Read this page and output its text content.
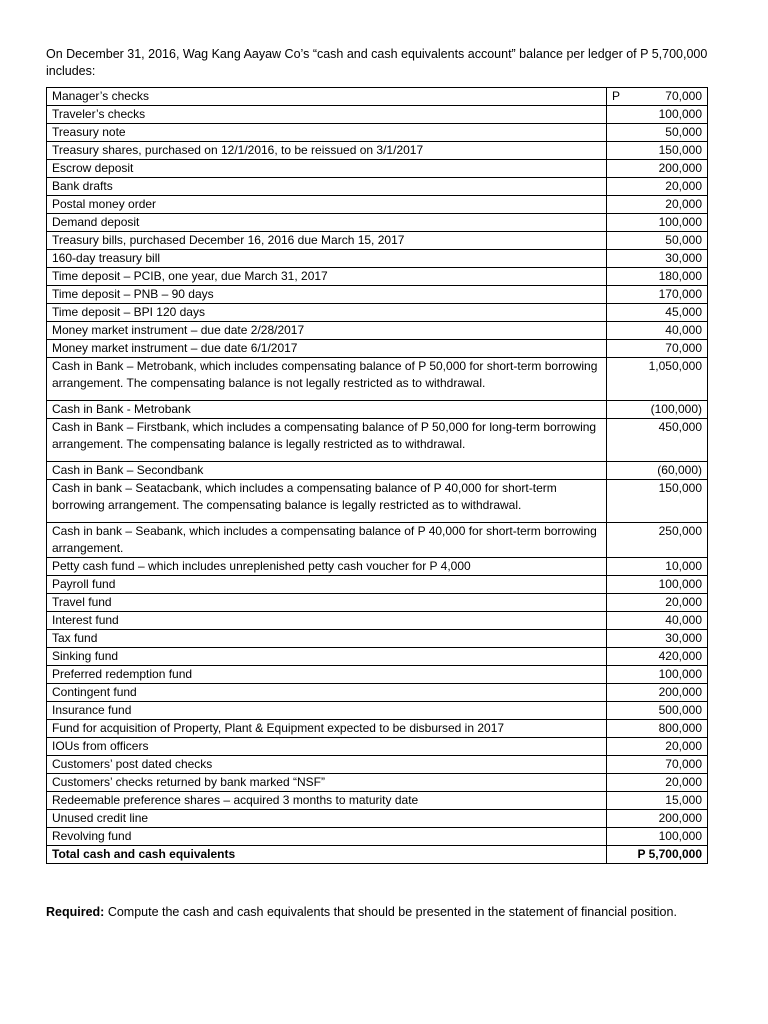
On December 31, 2016, Wag Kang Aayaw Co’s “cash and cash equivalents account” balance per ledger of P 5,700,000 includes:
Manager’s checks	P 70,000
Traveler’s checks	100,000
Treasury note	50,000
Treasury shares, purchased on 12/1/2016, to be reissued on 3/1/2017	150,000
Escrow deposit	200,000
Bank drafts	20,000
Postal money order	20,000
Demand deposit	100,000
Treasury bills, purchased December 16, 2016 due March 15, 2017	50,000
160-day treasury bill	30,000
Time deposit – PCIB, one year, due March 31, 2017	180,000
Time deposit – PNB – 90 days	170,000
Time deposit – BPI 120 days	45,000
Money market instrument – due date 2/28/2017	40,000
Money market instrument – due date 6/1/2017	70,000
Cash in Bank – Metrobank, which includes compensating balance of P 50,000 for short-term borrowing arrangement. The compensating balance is not legally restricted as to withdrawal.	1,050,000
Cash in Bank - Metrobank	(100,000)
Cash in Bank – Firstbank, which includes a compensating balance of P 50,000 for long-term borrowing arrangement. The compensating balance is legally restricted as to withdrawal.	450,000
Cash in Bank – Secondbank	(60,000)
Cash in bank – Seatacbank, which includes a compensating balance of P 40,000 for short-term borrowing arrangement. The compensating balance is legally restricted as to withdrawal.	150,000
Cash in bank – Seabank, which includes a compensating balance of P 40,000 for short-term borrowing arrangement.	250,000
Petty cash fund – which includes unreplenished petty cash voucher for P 4,000	10,000
Payroll fund	100,000
Travel fund	20,000
Interest fund	40,000
Tax fund	30,000
Sinking fund	420,000
Preferred redemption fund	100,000
Contingent fund	200,000
Insurance fund	500,000
Fund for acquisition of Property, Plant & Equipment expected to be disbursed in 2017	800,000
IOUs from officers	20,000
Customers’ post dated checks	70,000
Customers’ checks returned by bank marked “NSF”	20,000
Redeemable preference shares – acquired 3 months to maturity date	15,000
Unused credit line	200,000
Revolving fund	100,000
Total cash and cash equivalents	P 5,700,000
Required: Compute the cash and cash equivalents that should be presented in the statement of financial position.
